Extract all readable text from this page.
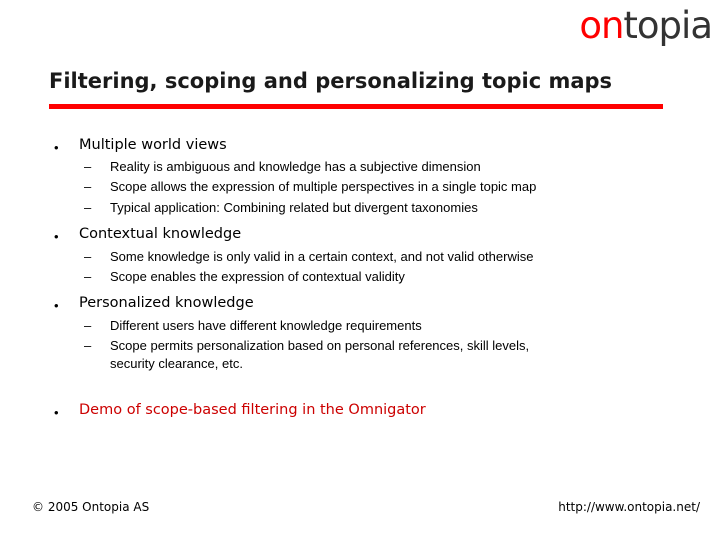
ontopia
Filtering, scoping and personalizing topic maps
• Multiple world views
– Reality is ambiguous and knowledge has a subjective dimension
– Scope allows the expression of multiple perspectives in a single topic map
– Typical application: Combining related but divergent taxonomies
• Contextual knowledge
– Some knowledge is only valid in a certain context, and not valid otherwise
– Scope enables the expression of contextual validity
• Personalized knowledge
– Different users have different knowledge requirements
– Scope permits personalization based on personal references, skill levels,
security clearance, etc.
• Demo of scope-based filtering in the Omnigator
© 2005 Ontopia AS	http://www.ontopia.net/
